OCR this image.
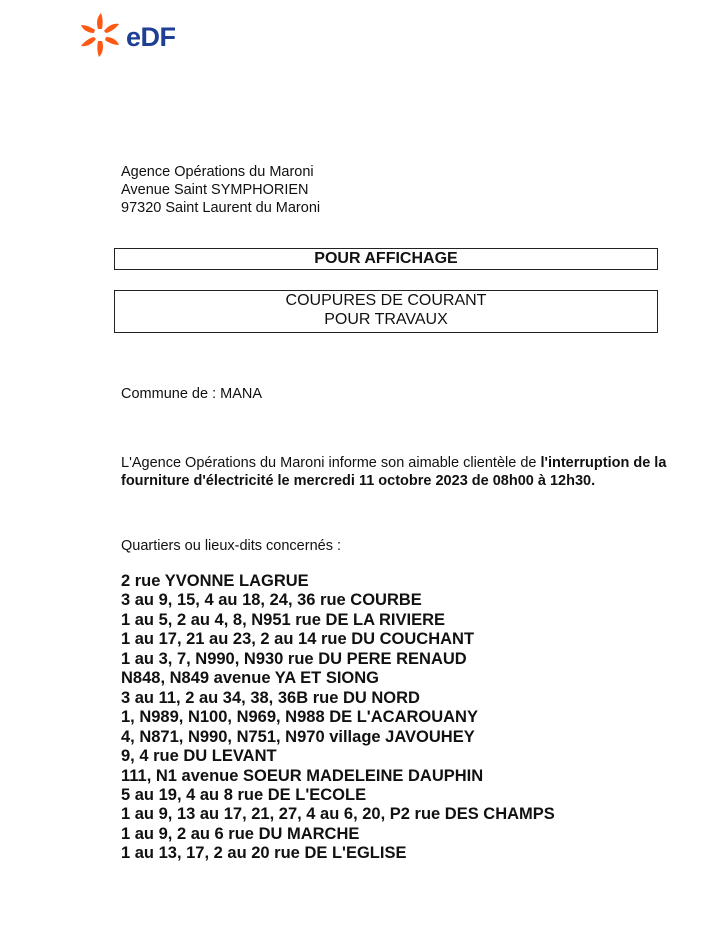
eDF
Agence Opérations du Maroni
Avenue Saint SYMPHORIEN
97320 Saint Laurent du Maroni
POUR AFFICHAGE
COUPURES DE COURANT
POUR TRAVAUX
Commune de : MANA
L'Agence Opérations du Maroni informe son aimable clientèle de l'interruption de la fourniture d'électricité le mercredi 11 octobre 2023 de 08h00 à 12h30.
Quartiers ou lieux-dits concernés :
2 rue YVONNE LAGRUE
3 au 9, 15, 4 au 18, 24, 36 rue COURBE
1 au 5, 2 au 4, 8, N951 rue DE LA RIVIERE
1 au 17, 21 au 23, 2 au 14 rue DU COUCHANT
1 au 3, 7, N990, N930 rue DU PERE RENAUD
N848, N849 avenue YA ET SIONG
3 au 11, 2 au 34, 38, 36B rue DU NORD
1, N989, N100, N969, N988 DE L'ACAROUANY
4, N871, N990, N751, N970 village JAVOUHEY
9, 4 rue DU LEVANT
111, N1 avenue SOEUR MADELEINE DAUPHIN
5 au 19, 4 au 8 rue DE L'ECOLE
1 au 9, 13 au 17, 21, 27, 4 au 6, 20, P2 rue DES CHAMPS
1 au 9, 2 au 6 rue DU MARCHE
1 au 13, 17, 2 au 20 rue DE L'EGLISE
